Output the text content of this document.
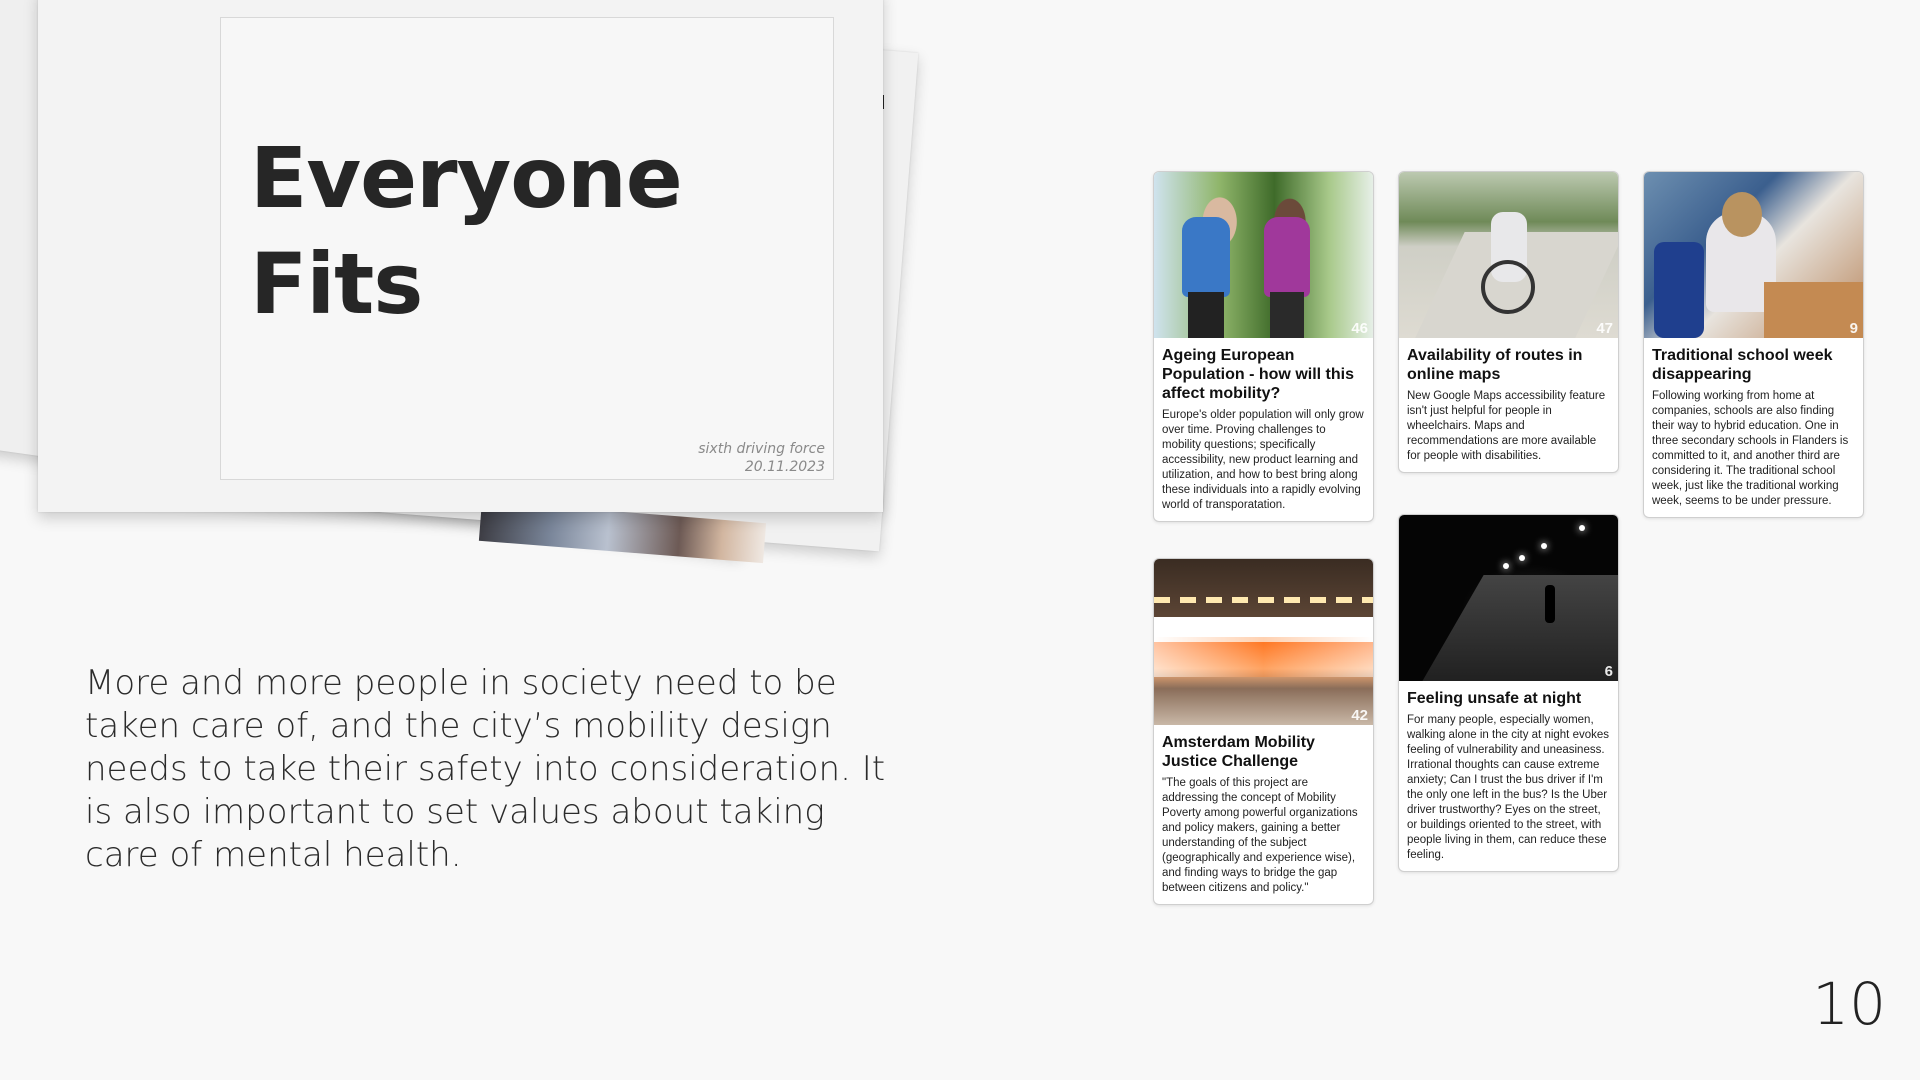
Everyone
Fits
sixth driving force
20.11.2023
More and more people in society need to be taken care of, and the city’s mobility design needs to take their safety into consideration. It is also important to set values about taking care of mental health.
46
Ageing European Population - how will this affect mobility?
Europe's older population will only grow over time. Proving challenges to mobility questions; specifically accessibility, new product learning and utilization, and how to best bring along these individuals into a rapidly evolving world of transporatation.
47
Availability of routes in online maps
New Google Maps accessibility feature isn't just helpful for people in wheelchairs. Maps and recommendations are more available for people with disabilities.
9
Traditional school week disappearing
Following working from home at companies, schools are also finding their way to hybrid education. One in three secondary schools in Flanders is committed to it, and another third are considering it. The traditional school week, just like the traditional working week, seems to be under pressure.
42
Amsterdam Mobility Justice Challenge
"The goals of this project are addressing the concept of Mobility Poverty among powerful organizations and policy makers, gaining a better understanding of the subject (geographically and experience wise), and finding ways to bridge the gap between citizens and policy."
6
Feeling unsafe at night
For many people, especially women, walking alone in the city at night evokes feeling of vulnerability and uneasiness. Irrational thoughts can cause extreme anxiety; Can I trust the bus driver if I'm the only one left in the bus? Is the Uber driver trustworthy? Eyes on the street, or buildings oriented to the street, with people living in them, can reduce these feeling.
10
